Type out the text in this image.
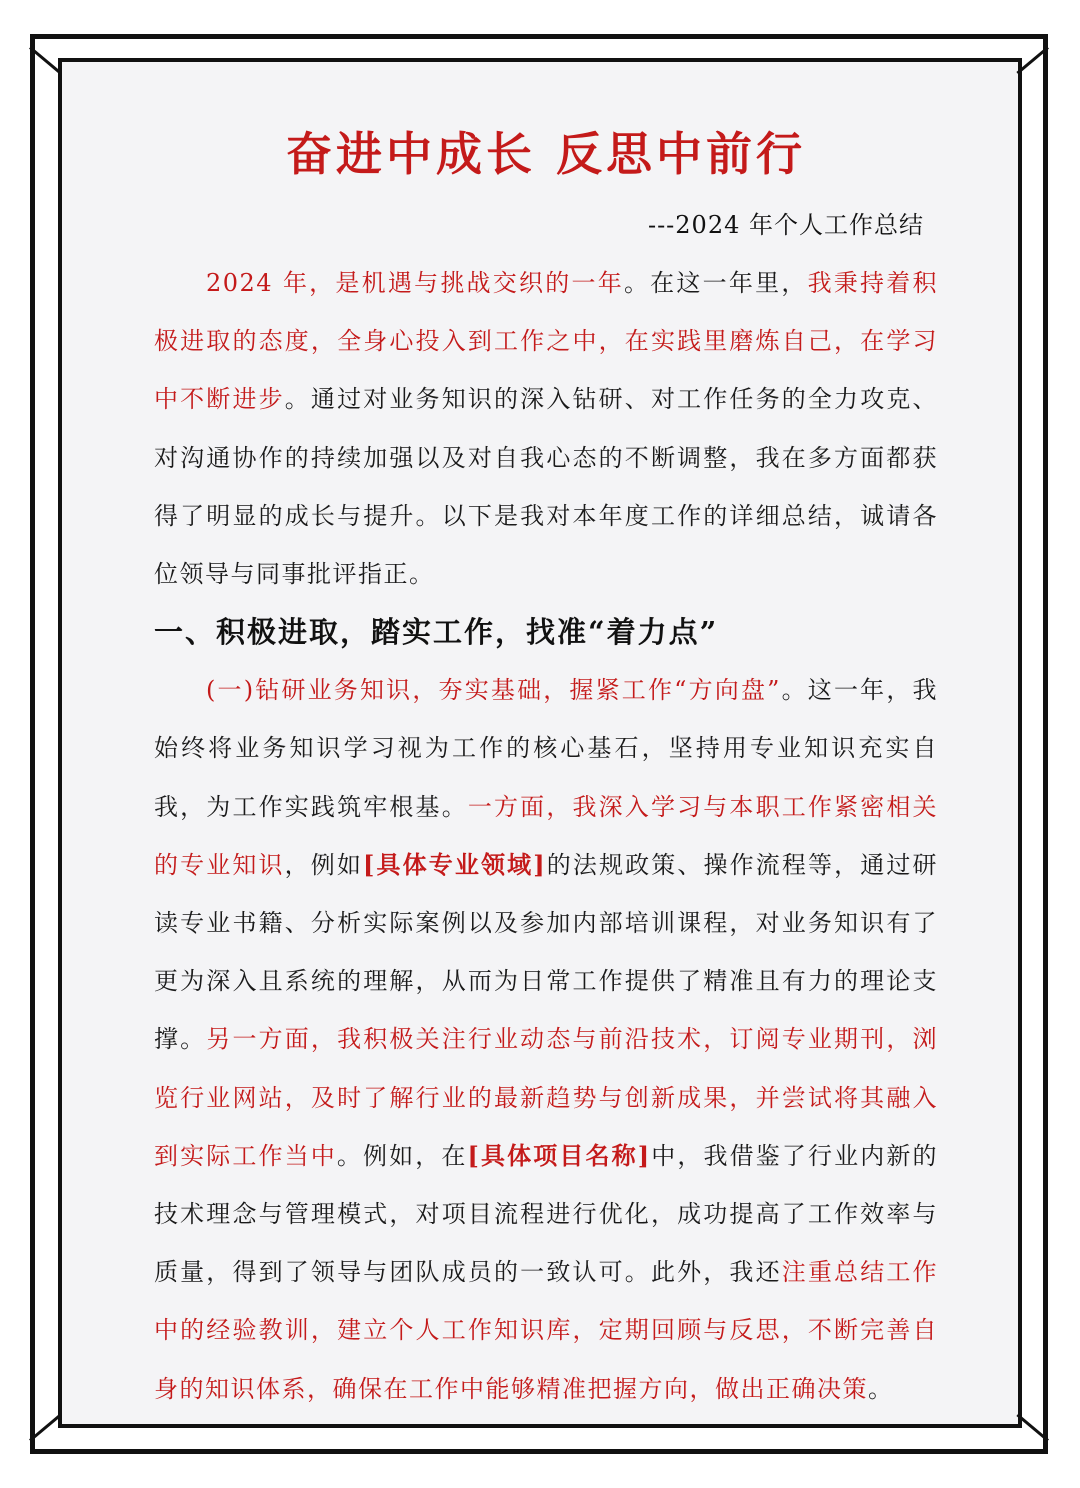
奋进中成长 反思中前行
---2024 年个人工作总结

2024 年，是机遇与挑战交织的一年。在这一年里，我秉持着积极进取的态度，全身心投入到工作之中，在实践里磨炼自己，在学习中不断进步。通过对业务知识的深入钻研、对工作任务的全力攻克、对沟通协作的持续加强以及对自我心态的不断调整，我在多方面都获得了明显的成长与提升。以下是我对本年度工作的详细总结，诚请各位领导与同事批评指正。

一、积极进取，踏实工作，找准“着力点”

(一)钻研业务知识，夯实基础，握紧工作“方向盘”。这一年，我始终将业务知识学习视为工作的核心基石，坚持用专业知识充实自我，为工作实践筑牢根基。一方面，我深入学习与本职工作紧密相关的专业知识，例如[具体专业领域]的法规政策、操作流程等，通过研读专业书籍、分析实际案例以及参加内部培训课程，对业务知识有了更为深入且系统的理解，从而为日常工作提供了精准且有力的理论支撑。另一方面，我积极关注行业动态与前沿技术，订阅专业期刊，浏览行业网站，及时了解行业的最新趋势与创新成果，并尝试将其融入到实际工作当中。例如，在[具体项目名称]中，我借鉴了行业内新的技术理念与管理模式，对项目流程进行优化，成功提高了工作效率与质量，得到了领导与团队成员的一致认可。此外，我还注重总结工作中的经验教训，建立个人工作知识库，定期回顾与反思，不断完善自身的知识体系，确保在工作中能够精准把握方向，做出正确决策。
